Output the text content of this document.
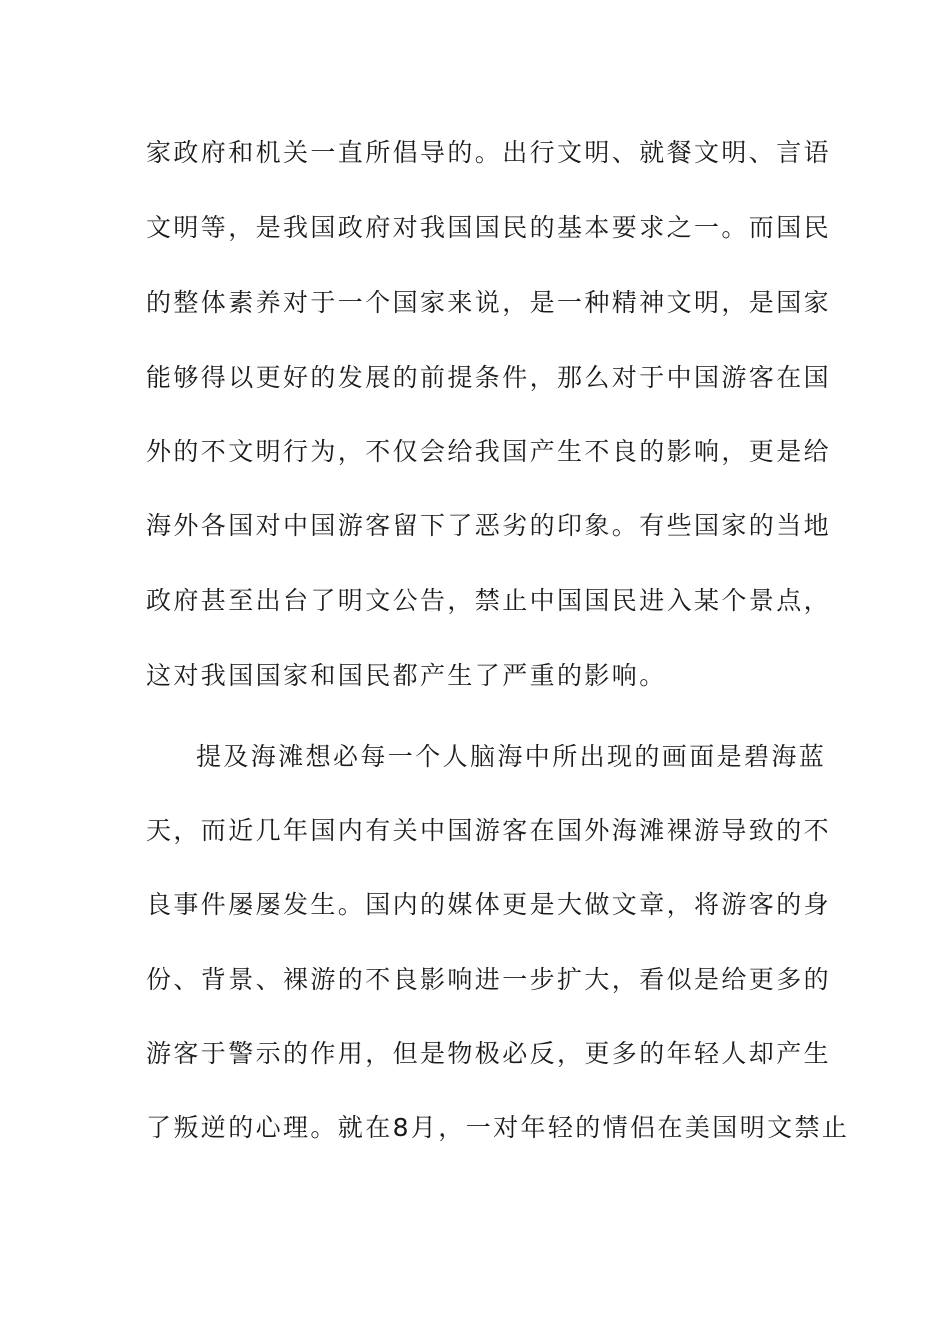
家政府和机关一直所倡导的。出行文明、就餐文明、言语

文明等，是我国政府对我国国民的基本要求之一。而国民

的整体素养对于一个国家来说，是一种精神文明，是国家

能够得以更好的发展的前提条件，那么对于中国游客在国

外的不文明行为，不仅会给我国产生不良的影响，更是给

海外各国对中国游客留下了恶劣的印象。有些国家的当地

政府甚至出台了明文公告，禁止中国国民进入某个景点，

这对我国国家和国民都产生了严重的影响。

提及海滩想必每一个人脑海中所出现的画面是碧海蓝

天，而近几年国内有关中国游客在国外海滩裸游导致的不

良事件屡屡发生。国内的媒体更是大做文章，将游客的身

份、背景、裸游的不良影响进一步扩大，看似是给更多的

游客于警示的作用，但是物极必反，更多的年轻人却产生

了叛逆的心理。就在8月，一对年轻的情侣在美国明文禁止
